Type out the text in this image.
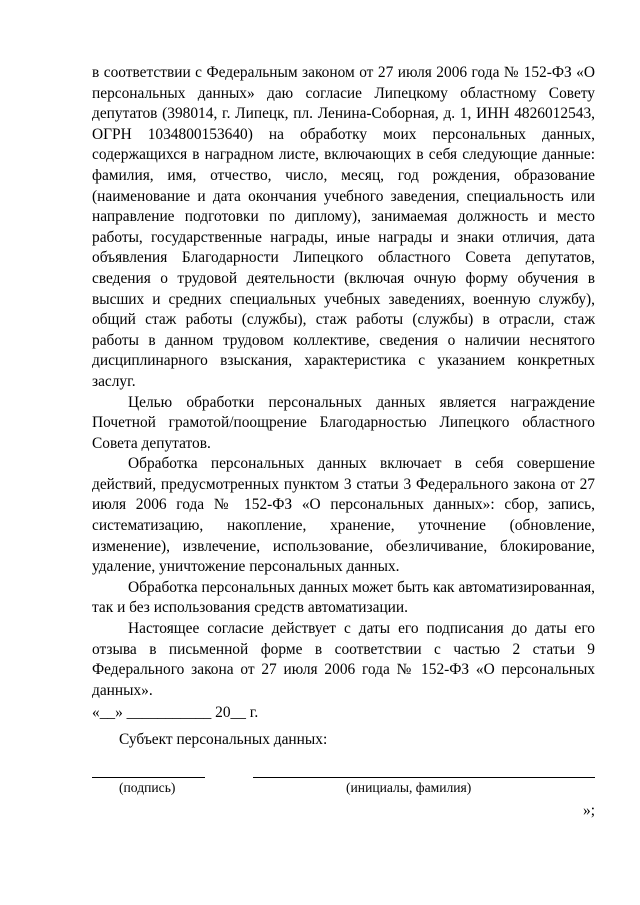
в соответствии с Федеральным законом от 27 июля 2006 года № 152-ФЗ «О персональных данных» даю согласие Липецкому областному Совету депутатов (398014, г. Липецк, пл. Ленина-Соборная, д. 1, ИНН 4826012543, ОГРН 1034800153640) на обработку моих персональных данных, содержащихся в наградном листе, включающих в себя следующие данные: фамилия, имя, отчество, число, месяц, год рождения, образование (наименование и дата окончания учебного заведения, специальность или направление подготовки по диплому), занимаемая должность и место работы, государственные награды, иные награды и знаки отличия, дата объявления Благодарности Липецкого областного Совета депутатов, сведения о трудовой деятельности (включая очную форму обучения в высших и средних специальных учебных заведениях, военную службу), общий стаж работы (службы), стаж работы (службы) в отрасли, стаж работы в данном трудовом коллективе, сведения о наличии неснятого дисциплинарного взыскания, характеристика с указанием конкретных заслуг.

Целью обработки персональных данных является награждение Почетной грамотой/поощрение Благодарностью Липецкого областного Совета депутатов.

Обработка персональных данных включает в себя совершение действий, предусмотренных пунктом 3 статьи 3 Федерального закона от 27 июля 2006 года № 152-ФЗ «О персональных данных»: сбор, запись, систематизацию, накопление, хранение, уточнение (обновление, изменение), извлечение, использование, обезличивание, блокирование, удаление, уничтожение персональных данных.

Обработка персональных данных может быть как автоматизированная, так и без использования средств автоматизации.

Настоящее согласие действует с даты его подписания до даты его отзыва в письменной форме в соответствии с частью 2 статьи 9 Федерального закона от 27 июля 2006 года № 152-ФЗ «О персональных данных».

«__» ___________ 20__ г.

Субъект персональных данных:

(подпись)	(инициалы, фамилия)
»;
